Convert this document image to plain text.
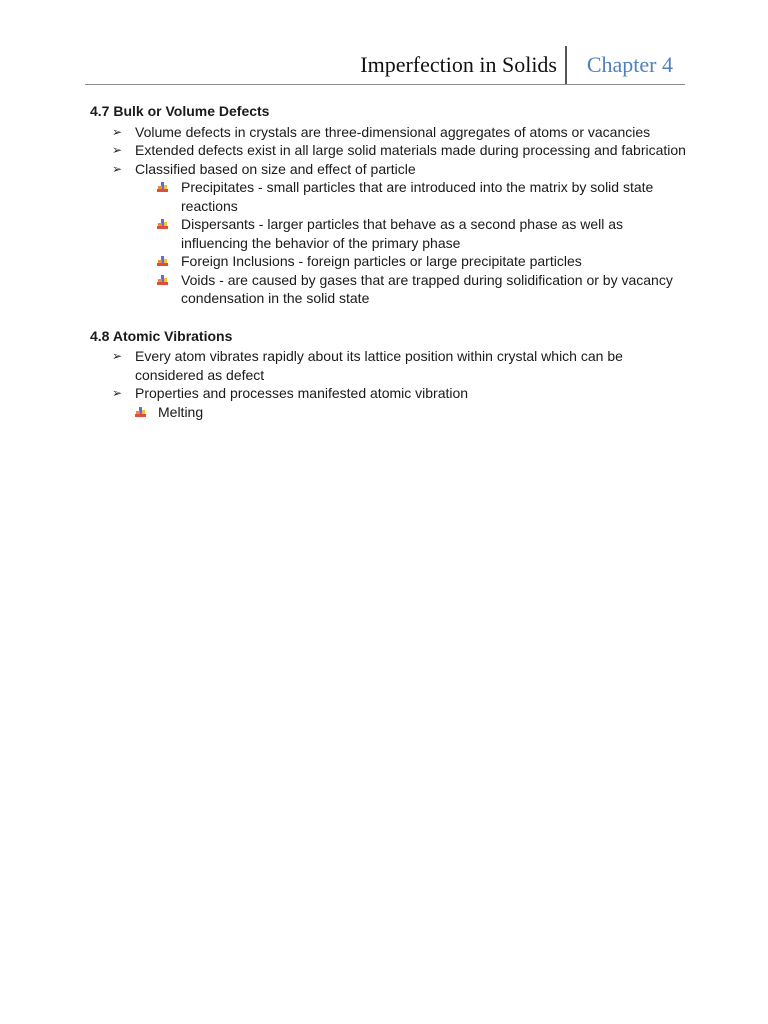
Imperfection in Solids Chapter 4
4.7 Bulk or Volume Defects
➢ Volume defects in crystals are three-dimensional aggregates of atoms or vacancies
➢ Extended defects exist in all large solid materials made during processing and fabrication
➢ Classified based on size and effect of particle
Precipitates - small particles that are introduced into the matrix by solid state reactions
Dispersants - larger particles that behave as a second phase as well as influencing the behavior of the primary phase
Foreign Inclusions - foreign particles or large precipitate particles
Voids - are caused by gases that are trapped during solidification or by vacancy condensation in the solid state
4.8 Atomic Vibrations
➢ Every atom vibrates rapidly about its lattice position within crystal which can be considered as defect
➢ Properties and processes manifested atomic vibration
Melting
